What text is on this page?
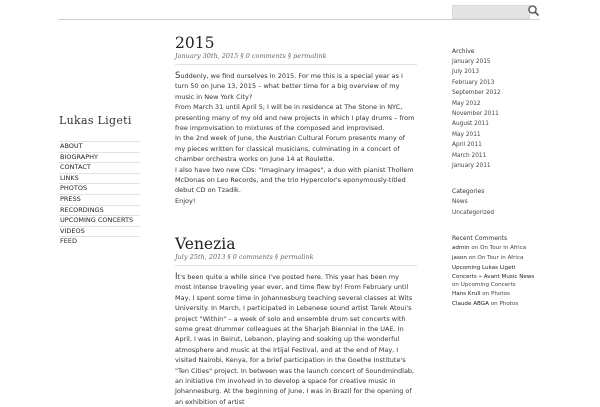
Lukas Ligeti
ABOUT
BIOGRAPHY
CONTACT
LINKS
PHOTOS
PRESS
RECORDINGS
UPCOMING CONCERTS
VIDEOS
FEED
2015
January 30th, 2015 § 0 comments § permalink

Suddenly, we find ourselves in 2015. For me this is a special year as I turn 50 on June 13, 2015 – what better time for a big overview of my music in New York City?

From March 31 until April 5, I will be in residence at The Stone in NYC, presenting many of my old and new projects in which I play drums – from free improvisation to mixtures of the composed and improvised.

In the 2nd week of June, the Austrian Cultural Forum presents many of my pieces written for classical musicians, culminating in a concert of chamber orchestra works on June 14 at Roulette.

I also have two new CDs: "Imaginary Images", a duo with pianist Thollem McDonas on Leo Records, and the trio Hypercolor's eponymously-titled debut CD on Tzadik.

Enjoy!

Venezia
July 25th, 2013 § 0 comments § permalink

It's been quite a while since I've posted here. This year has been my most intense traveling year ever, and time flew by! From February until May, I spent some time in Johannesburg teaching several classes at Wits University. In March, I participated in Lebanese sound artist Tarek Atoui's project "Within" – a week of solo and ensemble drum set concerts with some great drummer colleagues at the Sharjah Biennial in the UAE. In April, I was in Beirut, Lebanon, playing and soaking up the wonderful atmosphere and music at the Irtijal Festival, and at the end of May, I visited Nairobi, Kenya, for a brief participation in the Goethe Institute's "Ten Cities" project. In between was the launch concert of Soundmindlab, an initiative I'm involved in to develop a space for creative music in Johannesburg. At the beginning of June, I was in Brazil for the opening of an exhibition of artist

Archive
January 2015
July 2013
February 2013
September 2012
May 2012
November 2011
August 2011
May 2011
April 2011
March 2011
January 2011
Categories
News
Uncategorized
Recent Comments
admin on On Tour in Africa
jason on On Tour in Africa
Upcoming Lukas Ligeti Concerts » Avant Music News on Upcoming Concerts
Hans Krull on Photos
Claude ABGA on Photos
